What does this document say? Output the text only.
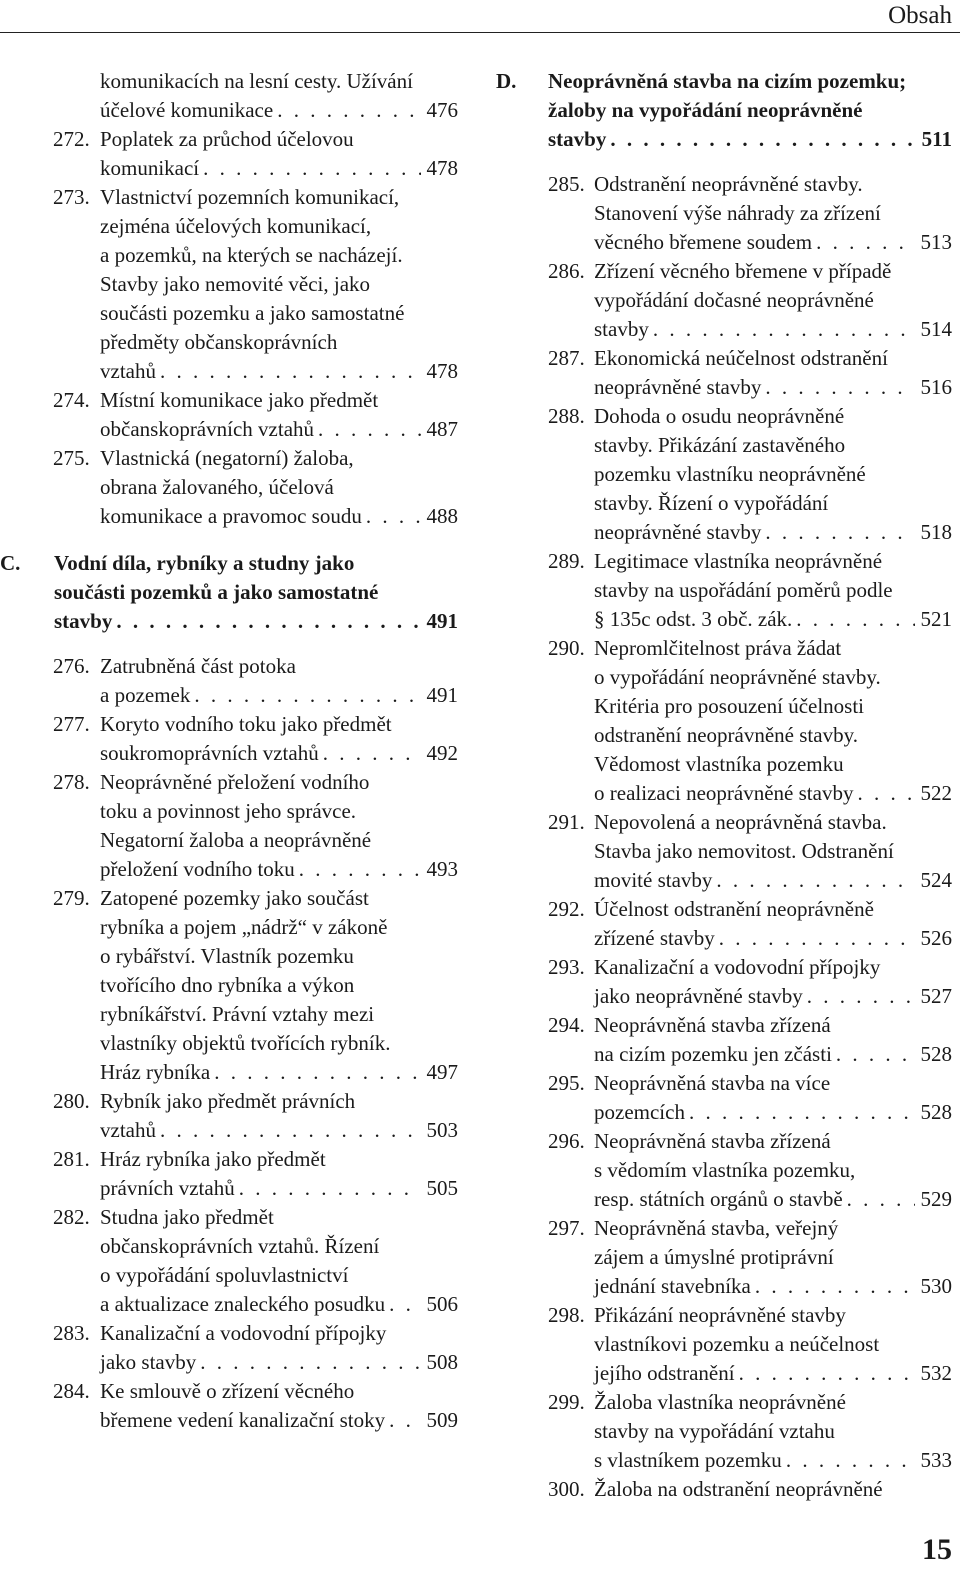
Obsah
komunikacích na lesní cesty. Užívání
účelové komunikace . . .	476
272. Poplatek za průchod účelovou
komunikací . . .	478
273. Vlastnictví pozemních komunikací,
zejména účelových komunikací,
a pozemků, na kterých se nacházejí.
Stavby jako nemovité věci, jako
součásti pozemku a jako samostatné
předměty občanskoprávních
vztahů . . .	478
274. Místní komunikace jako předmět
občanskoprávních vztahů . . .	487
275. Vlastnická (negatorní) žaloba,
obrana žalovaného, účelová
komunikace a pravomoc soudu . . .	488
C. Vodní díla, rybníky a studny jako
součásti pozemků a jako samostatné
stavby . . .	491
276. Zatrubněná část potoka
a pozemek . . .	491
277. Koryto vodního toku jako předmět
soukromoprávních vztahů . . .	492
278. Neoprávněné přeložení vodního
toku a povinnost jeho správce.
Negatorní žaloba a neoprávněné
přeložení vodního toku . . .	493
279. Zatopené pozemky jako součást
rybníka a pojem „nádrž“ v zákoně
o rybářství. Vlastník pozemku
tvořícího dno rybníka a výkon
rybníkářství. Právní vztahy mezi
vlastníky objektů tvořících rybník.
Hráz rybníka . . .	497
280. Rybník jako předmět právních
vztahů . . .	503
281. Hráz rybníka jako předmět
právních vztahů . . .	505
282. Studna jako předmět
občanskoprávních vztahů. Řízení
o vypořádání spoluvlastnictví
a aktualizace znaleckého posudku . . . 506
283. Kanalizační a vodovodní přípojky
jako stavby . . .	508
284. Ke smlouvě o zřízení věcného
břemene vedení kanalizační stoky . . . 509
D. Neoprávněná stavba na cizím pozemku;
žaloby na vypořádání neoprávněné
stavby . . .	511
285. Odstranění neoprávněné stavby.
Stanovení výše náhrady za zřízení
věcného břemene soudem . . .	513
286. Zřízení věcného břemene v případě
vypořádání dočasné neoprávněné
stavby . . .	514
287. Ekonomická neúčelnost odstranění
neoprávněné stavby . . .	516
288. Dohoda o osudu neoprávněné
stavby. Přikázání zastavěného
pozemku vlastníku neoprávněné
stavby. Řízení o vypořádání
neoprávněné stavby . . .	518
289. Legitimace vlastníka neoprávněné
stavby na uspořádání poměrů podle
§ 135c odst. 3 obč. zák. . . .	521
290. Nepromlčitelnost práva žádat
o vypořádání neoprávněné stavby.
Kritéria pro posouzení účelnosti
odstranění neoprávněné stavby.
Vědomost vlastníka pozemku
o realizaci neoprávněné stavby . . .	522
291. Nepovolená a neoprávněná stavba.
Stavba jako nemovitost. Odstranění
movité stavby . . .	524
292. Účelnost odstranění neoprávněně
zřízené stavby . . .	526
293. Kanalizační a vodovodní přípojky
jako neoprávněné stavby . . .	527
294. Neoprávněná stavba zřízená
na cizím pozemku jen zčásti . . .	528
295. Neoprávněná stavba na více
pozemcích . . .	528
296. Neoprávněná stavba zřízená
s vědomím vlastníka pozemku,
resp. státních orgánů o stavbě . . .	529
297. Neoprávněná stavba, veřejný
zájem a úmyslné protiprávní
jednání stavebníka . . .	530
298. Přikázání neoprávněné stavby
vlastníkovi pozemku a neúčelnost
jejího odstranění . . .	532
299. Žaloba vlastníka neoprávněné
stavby na vypořádání vztahu
s vlastníkem pozemku . . .	533
300. Žaloba na odstranění neoprávněné
15
